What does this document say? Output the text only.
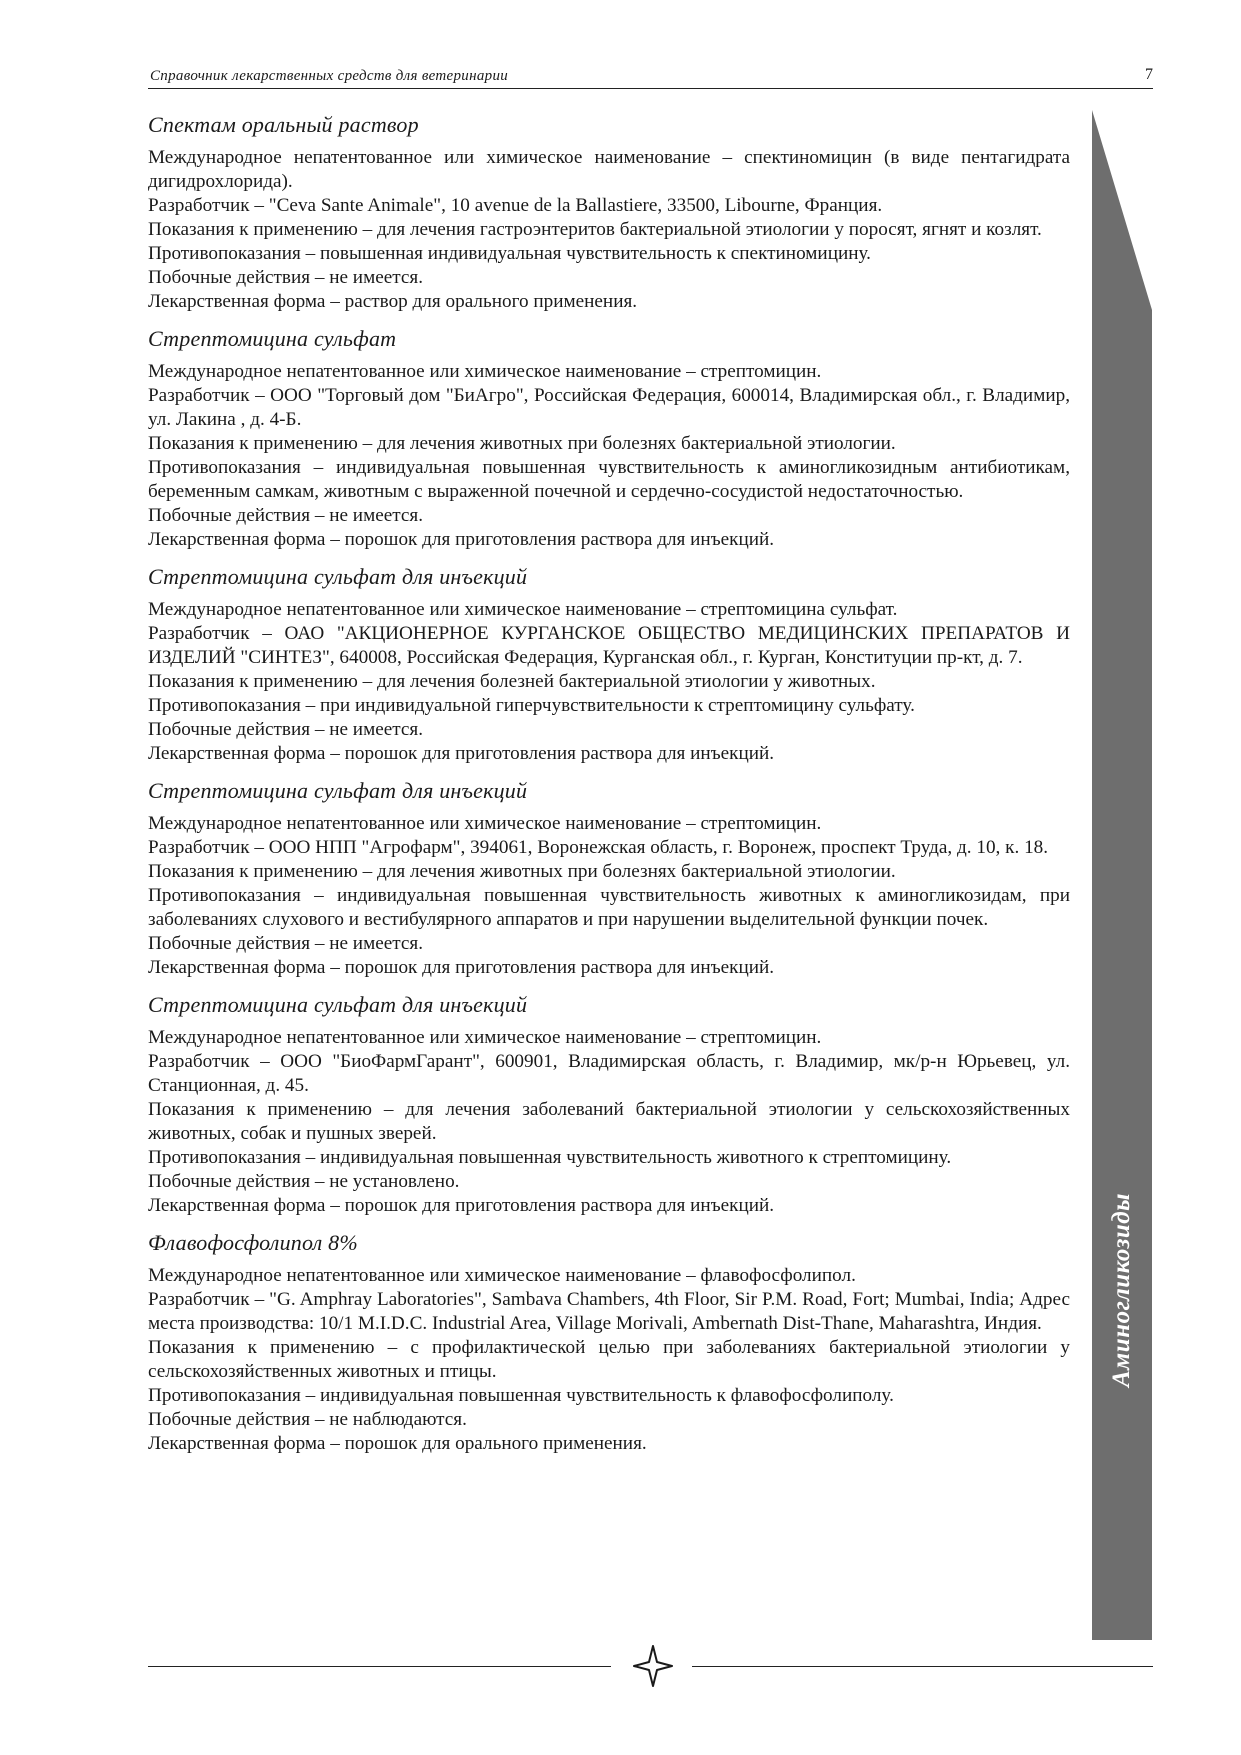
Справочник лекарственных средств для ветеринарии	7
Аминогликозиды
Спектам оральный раствор

Международное непатентованное или химическое наименование – спектиномицин (в виде пентагидрата дигидрохлорида).

Разработчик – "Ceva Sante Animale", 10 avenue de la Ballastiere, 33500, Libourne, Франция.

Показания к применению – для лечения гастроэнтеритов бактериальной этиологии у поросят, ягнят и козлят.

Противопоказания – повышенная индивидуальная чувствительность к спектиномицину.

Побочные действия – не имеется.

Лекарственная форма – раствор для орального применения.

Стрептомицина сульфат

Международное непатентованное или химическое наименование – стрептомицин.

Разработчик – ООО "Торговый дом "БиАгро", Российская Федерация, 600014, Владимирская обл., г. Владимир, ул. Лакина , д. 4-Б.

Показания к применению – для лечения животных при болезнях бактериальной этиологии.

Противопоказания – индивидуальная повышенная чувствительность к аминогликозидным антибиотикам, беременным самкам, животным с выраженной почечной и сердечно-сосудистой недостаточностью.

Побочные действия – не имеется.

Лекарственная форма – порошок для приготовления раствора для инъекций.

Стрептомицина сульфат для инъекций

Международное непатентованное или химическое наименование – стрептомицина сульфат.

Разработчик – ОАО "АКЦИОНЕРНОЕ КУРГАНСКОЕ ОБЩЕСТВО МЕДИЦИНСКИХ ПРЕПАРАТОВ И ИЗДЕЛИЙ "СИНТЕЗ", 640008, Российская Федерация, Курганская обл., г. Курган, Конституции пр-кт, д. 7.

Показания к применению – для лечения болезней бактериальной этиологии у животных.

Противопоказания – при индивидуальной гиперчувствительности к стрептомицину сульфату.

Побочные действия – не имеется.

Лекарственная форма – порошок для приготовления раствора для инъекций.

Стрептомицина сульфат для инъекций

Международное непатентованное или химическое наименование – стрептомицин.

Разработчик – ООО НПП "Агрофарм", 394061, Воронежская область, г. Воронеж, проспект Труда, д. 10, к. 18.

Показания к применению – для лечения животных при болезнях бактериальной этиологии.

Противопоказания – индивидуальная повышенная чувствительность животных к аминогликозидам, при заболеваниях слухового и вестибулярного аппаратов и при нарушении выделительной функции почек.

Побочные действия – не имеется.

Лекарственная форма – порошок для приготовления раствора для инъекций.

Стрептомицина сульфат для инъекций

Международное непатентованное или химическое наименование – стрептомицин.

Разработчик – ООО "БиоФармГарант", 600901, Владимирская область, г. Владимир, мк/р-н Юрьевец, ул. Станционная, д. 45.

Показания к применению – для лечения заболеваний бактериальной этиологии у сельскохозяйственных животных, собак и пушных зверей.

Противопоказания – индивидуальная повышенная чувствительность животного к стрептомицину.

Побочные действия – не установлено.

Лекарственная форма – порошок для приготовления раствора для инъекций.

Флавофосфолипол 8%

Международное непатентованное или химическое наименование – флавофосфолипол.

Разработчик – "G. Amphray Laboratories", Sambava Chambers, 4th Floor, Sir P.M. Road, Fort; Mumbai, India; Адрес места производства: 10/1 M.I.D.C. Industrial Area, Village Morivali, Ambernath Dist-Thane, Maharashtra, Индия.

Показания к применению – с профилактической целью при заболеваниях бактериальной этиологии у сельскохозяйственных животных и птицы.

Противопоказания – индивидуальная повышенная чувствительность к флавофосфолиполу.

Побочные действия – не наблюдаются.

Лекарственная форма – порошок для орального применения.
